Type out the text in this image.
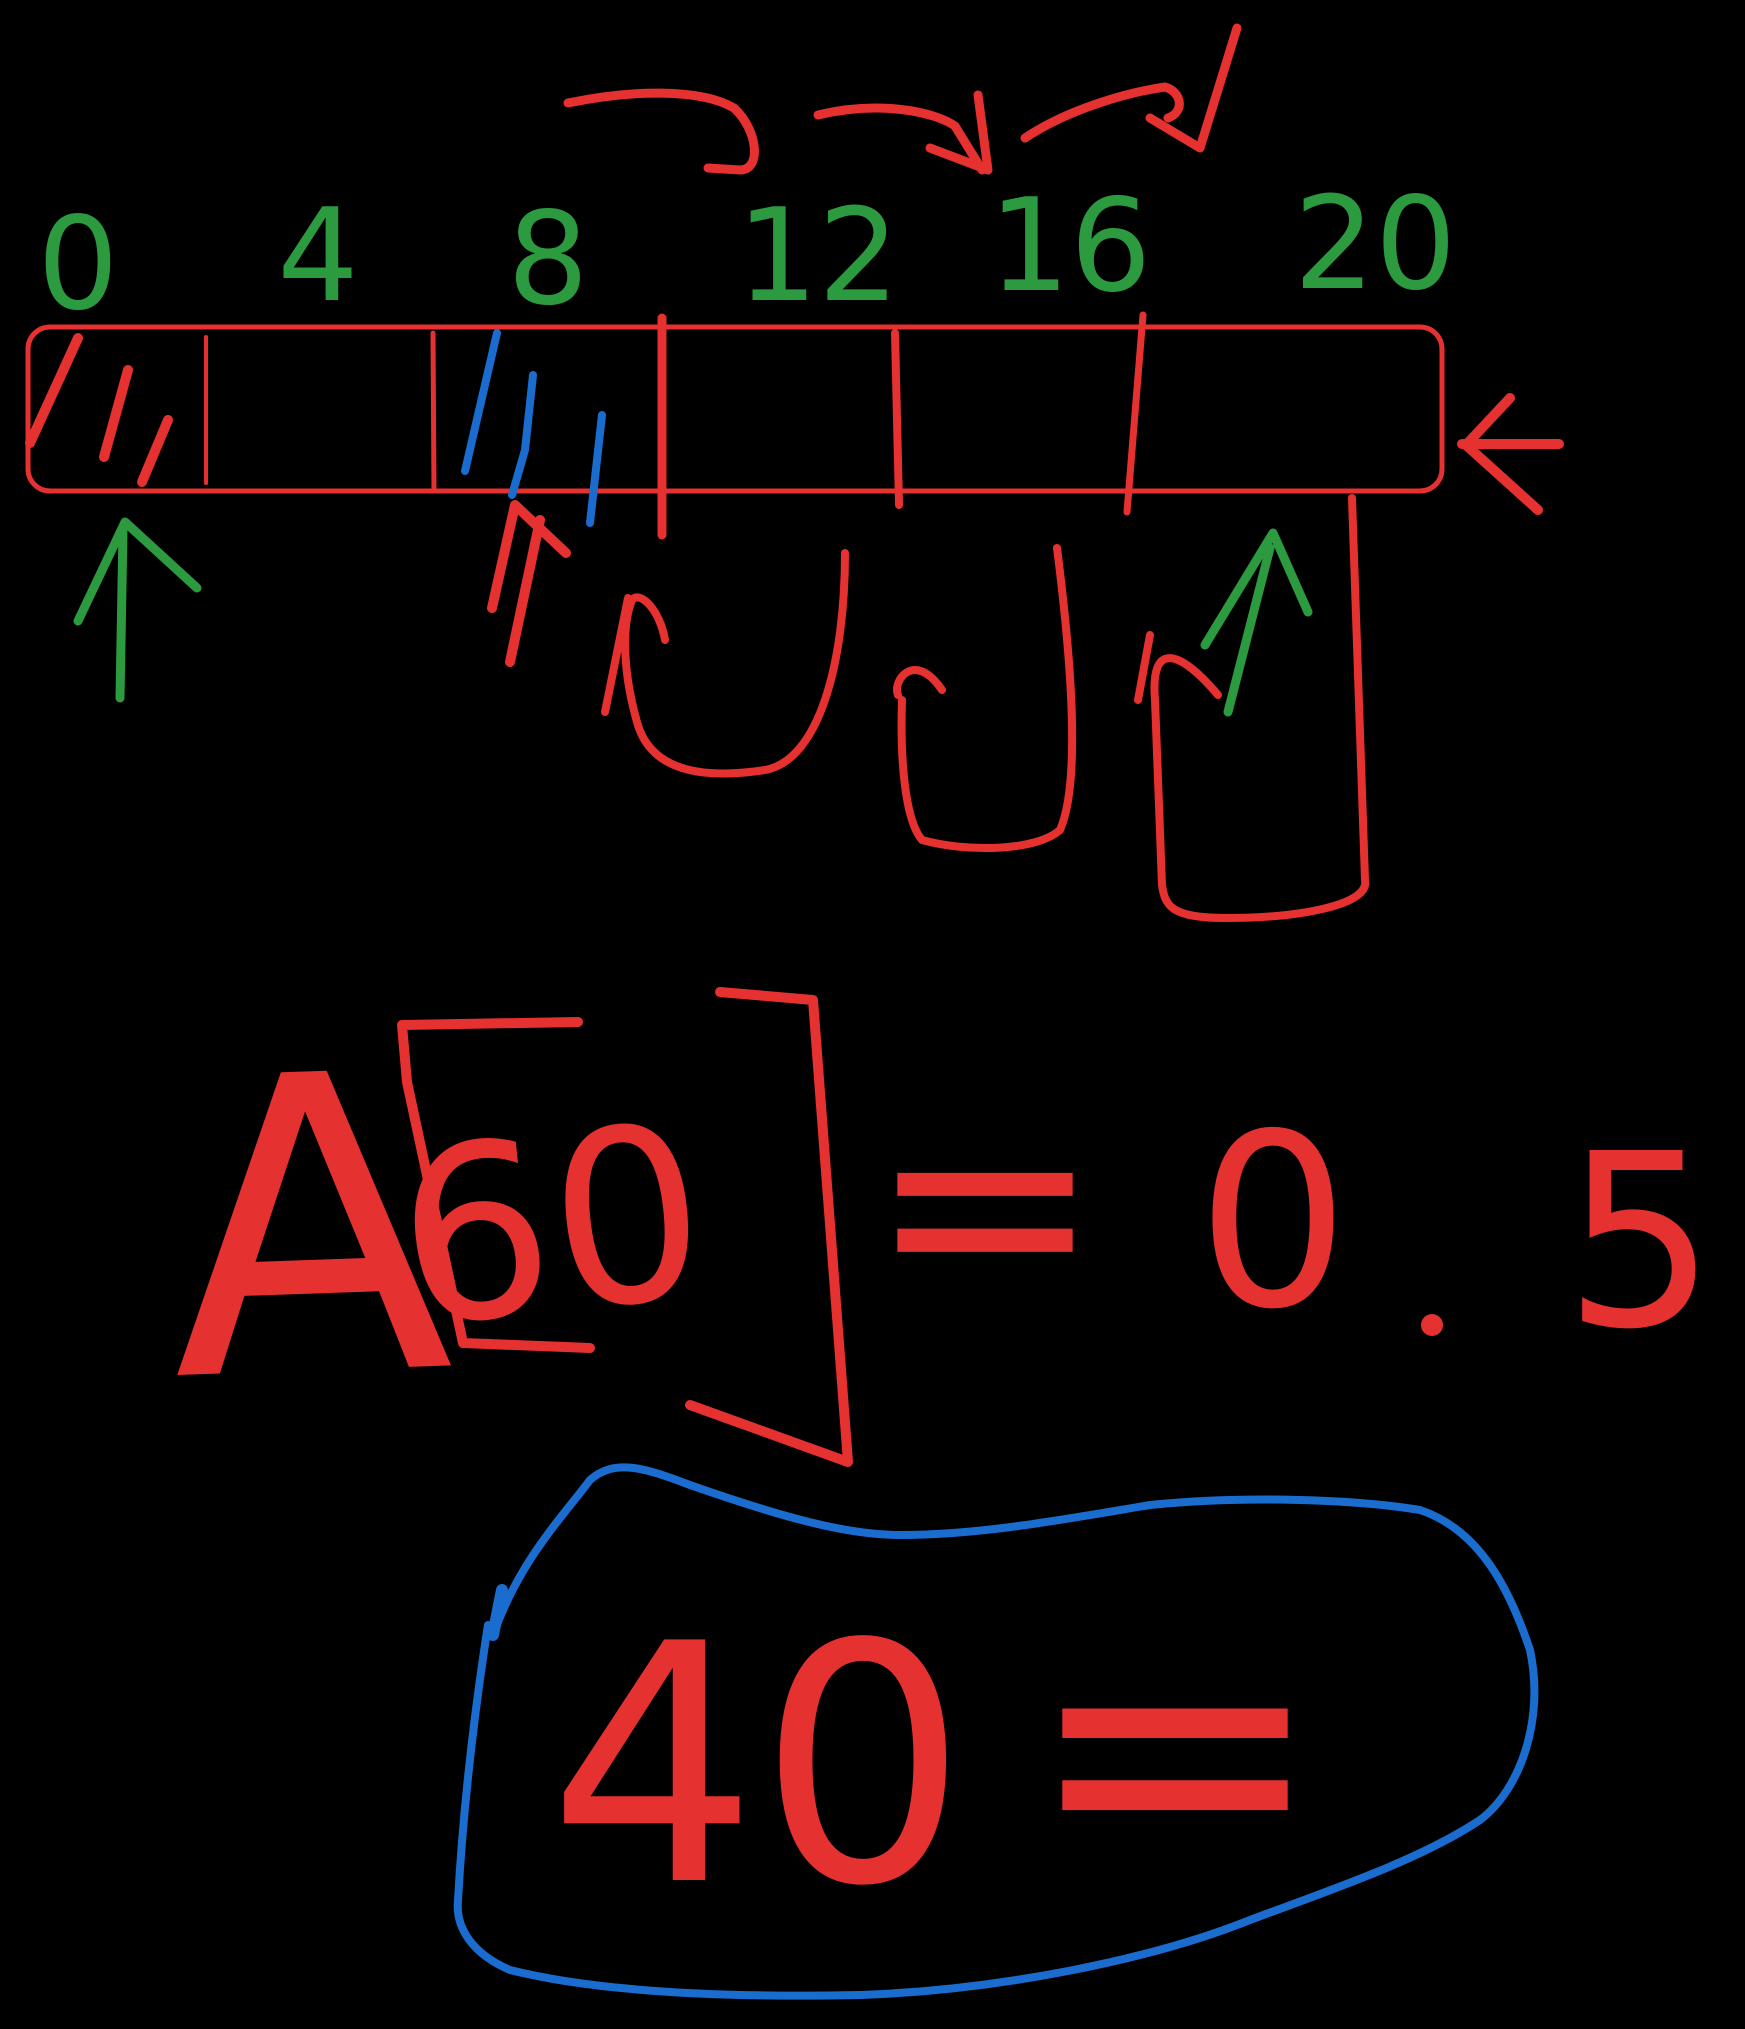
0 4 8 12 16 20
A
60 = 0 5
40 =
